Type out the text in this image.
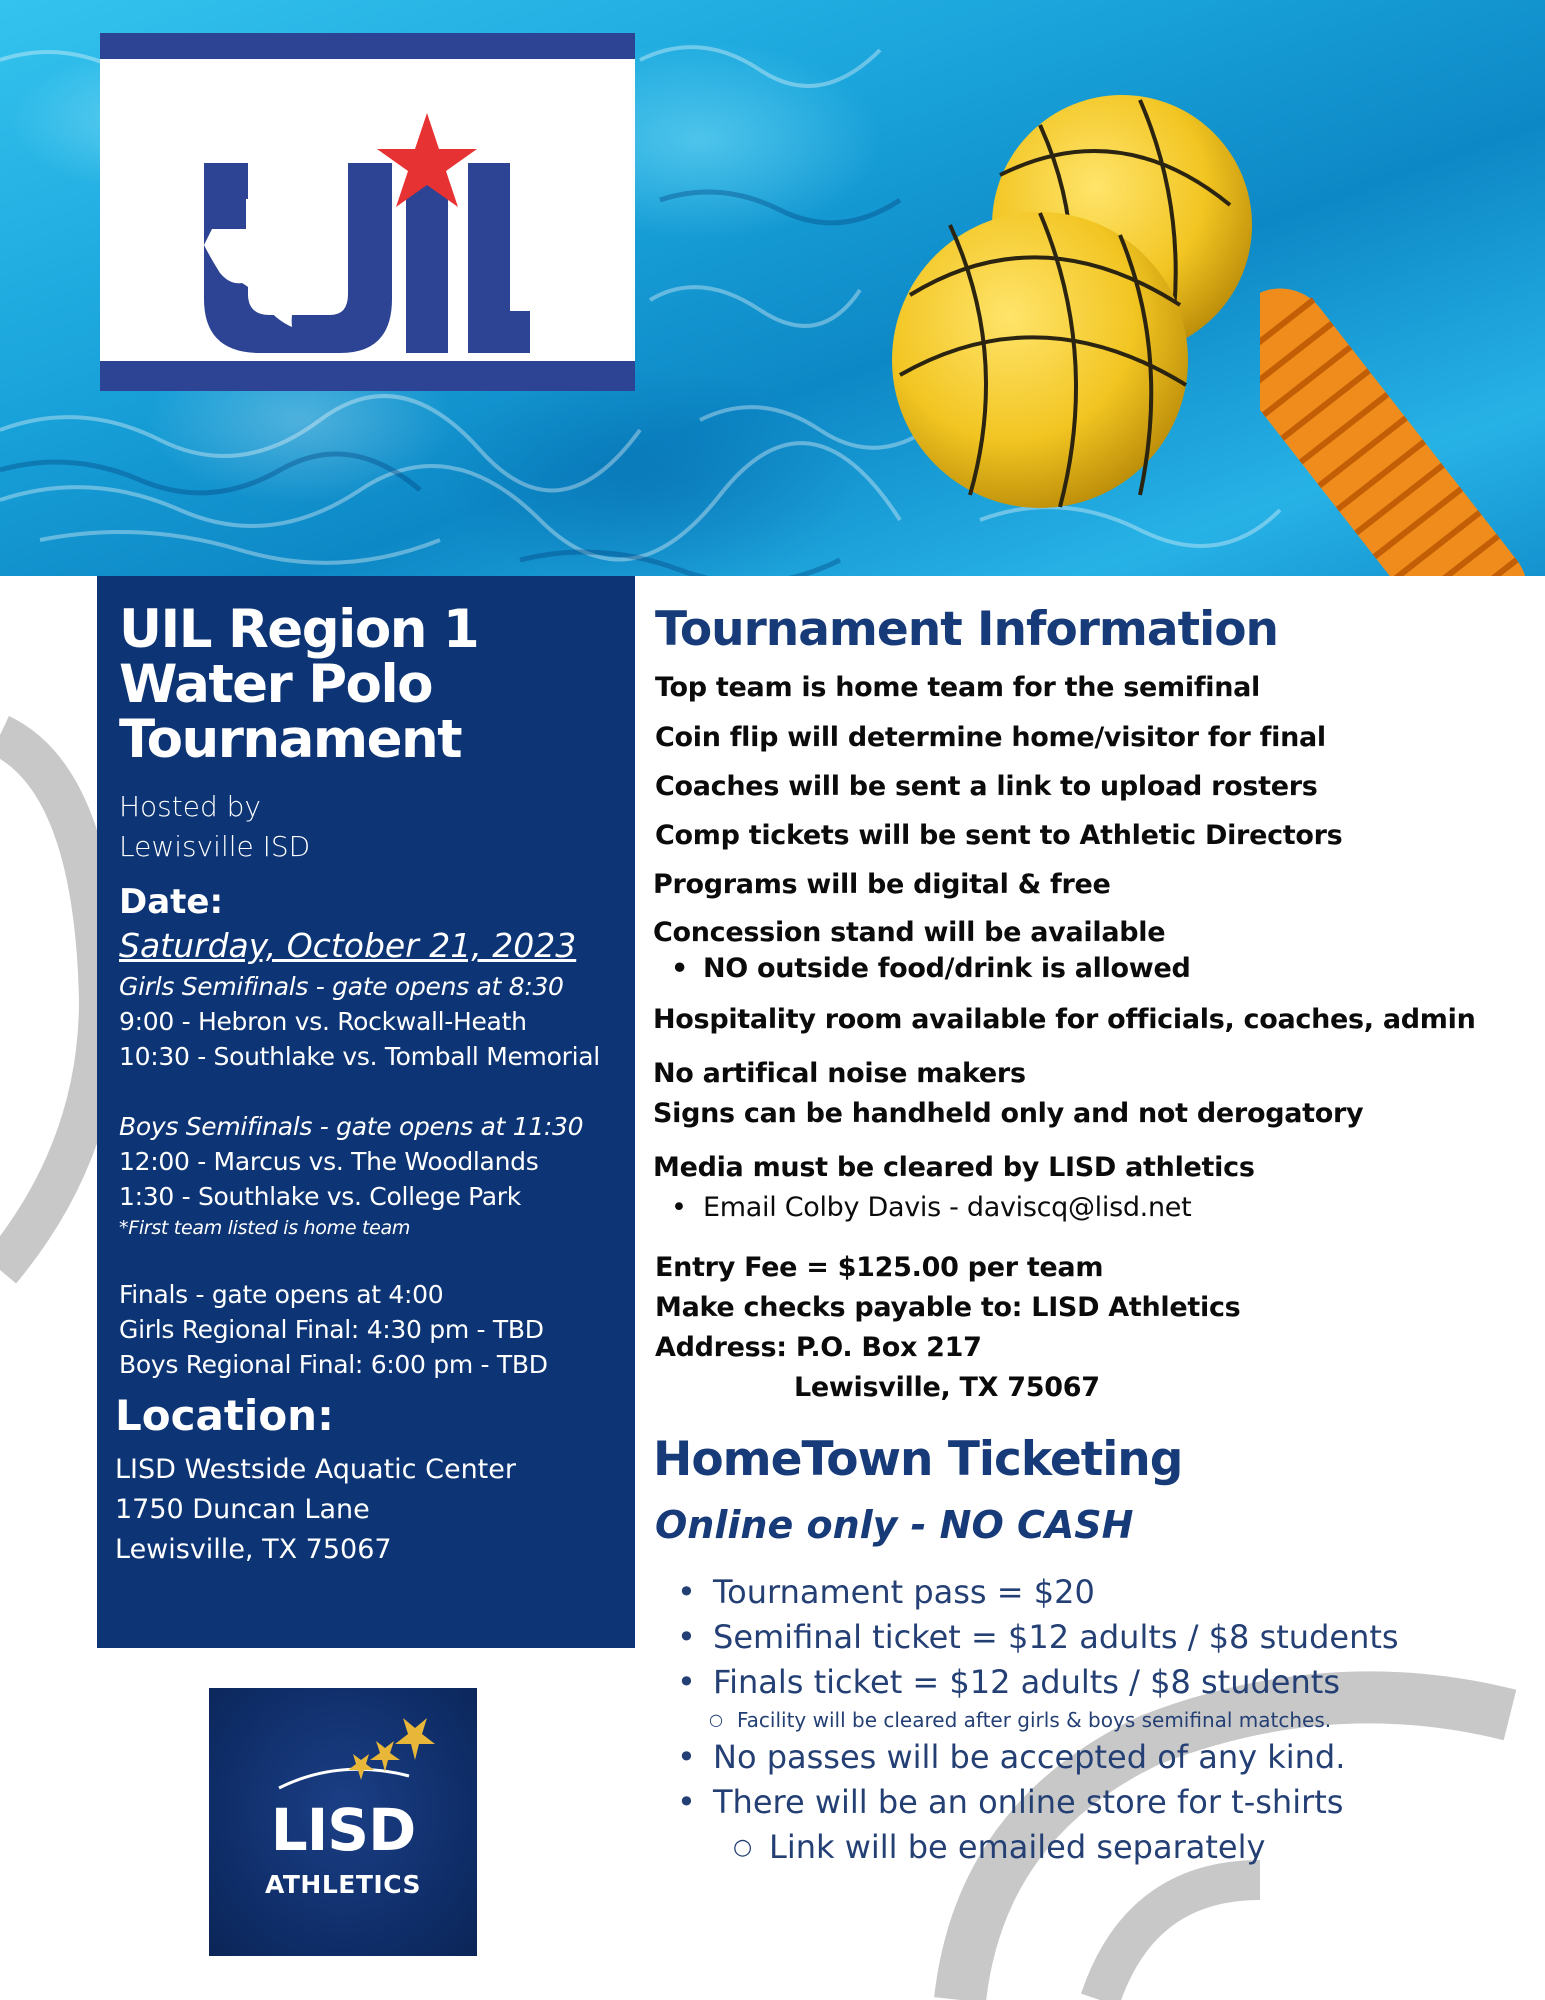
UIL Region 1
Water Polo
Tournament
Hosted by
Lewisville ISD
Date:
Saturday, October 21, 2023
Girls Semifinals - gate opens at 8:30
9:00 - Hebron vs. Rockwall-Heath
10:30 - Southlake vs. Tomball Memorial
Boys Semifinals - gate opens at 11:30
12:00 - Marcus vs. The Woodlands
1:30 - Southlake vs. College Park
*First team listed is home team
Finals - gate opens at 4:00
Girls Regional Final: 4:30 pm - TBD
Boys Regional Final: 6:00 pm - TBD
Location:
LISD Westside Aquatic Center
1750 Duncan Lane
Lewisville, TX 75067
LISD
ATHLETICS
Tournament Information
Top team is home team for the semifinal
Coin flip will determine home/visitor for final
Coaches will be sent a link to upload rosters
Comp tickets will be sent to Athletic Directors
Programs will be digital & free
Concession stand will be available
• NO outside food/drink is allowed
Hospitality room available for officials, coaches, admin
No artifical noise makers
Signs can be handheld only and not derogatory
Media must be cleared by LISD athletics
• Email Colby Davis - daviscq@lisd.net
Entry Fee = $125.00 per team
Make checks payable to: LISD Athletics
Address: P.O. Box 217
Lewisville, TX 75067
HomeTown Ticketing
Online only - NO CASH
• Tournament pass = $20
• Semifinal ticket = $12 adults / $8 students
• Finals ticket = $12 adults / $8 students
○ Facility will be cleared after girls & boys semifinal matches.
• No passes will be accepted of any kind.
• There will be an online store for t-shirts
○ Link will be emailed separately
